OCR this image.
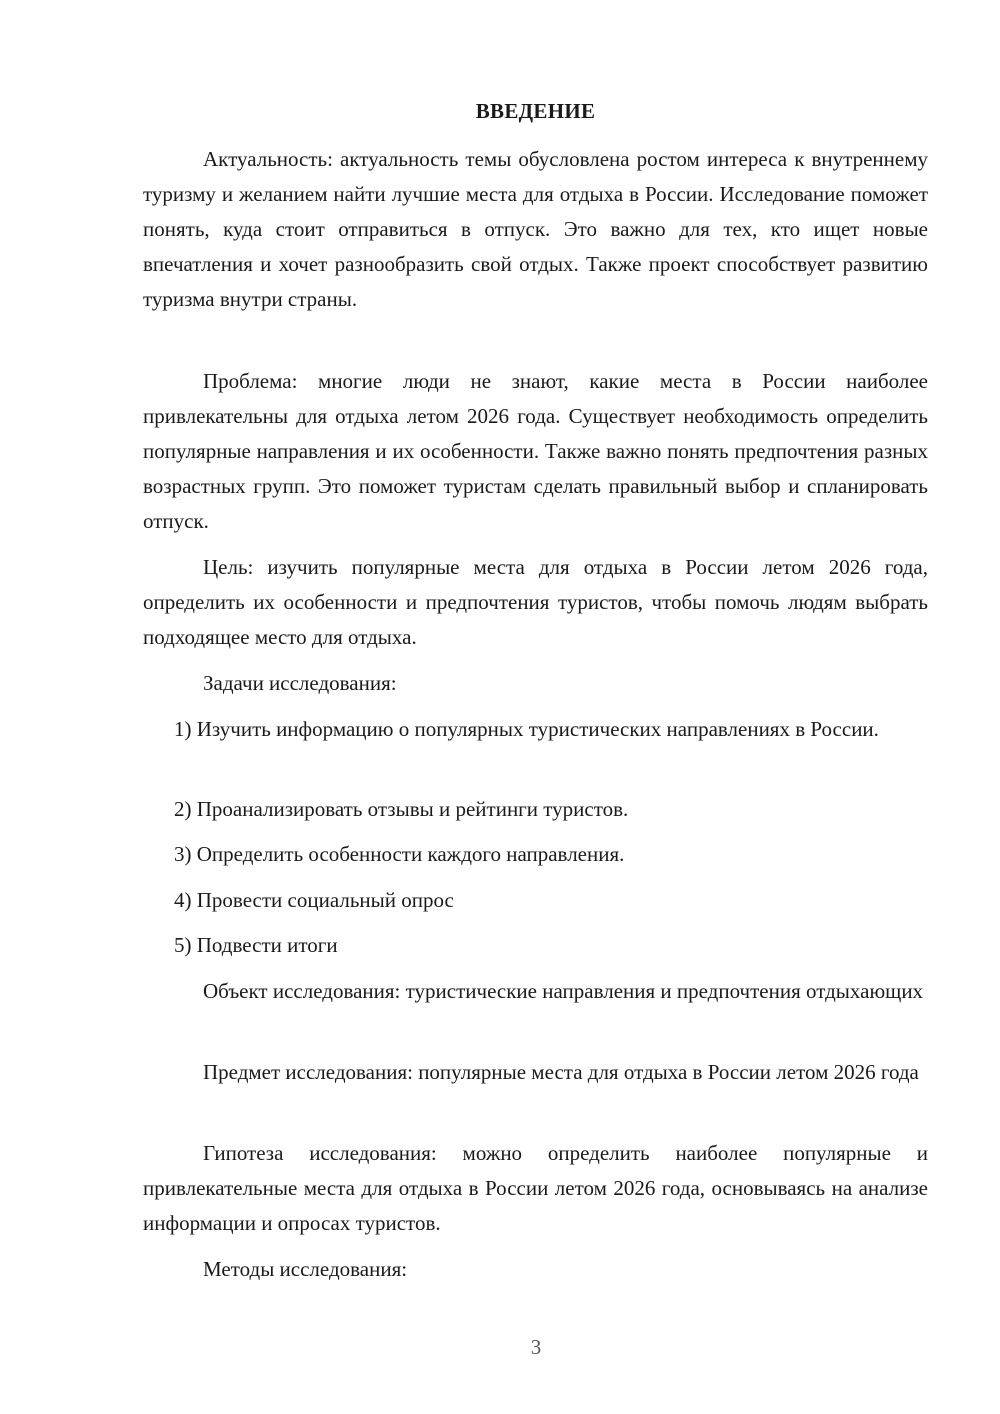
ВВЕДЕНИЕ

Актуальность: актуальность темы обусловлена ростом интереса к внутреннему туризму и желанием найти лучшие места для отдыха в России. Исследование поможет понять, куда стоит отправиться в отпуск. Это важно для тех, кто ищет новые впечатления и хочет разнообразить свой отдых. Также проект способствует развитию туризма внутри страны.

Проблема: многие люди не знают, какие места в России наиболее привлекательны для отдыха летом 2026 года. Существует необходимость определить популярные направления и их особенности. Также важно понять предпочтения разных возрастных групп. Это поможет туристам сделать правильный выбор и спланировать отпуск.

Цель: изучить популярные места для отдыха в России летом 2026 года, определить их особенности и предпочтения туристов, чтобы помочь людям выбрать подходящее место для отдыха.

Задачи исследования:

1) Изучить информацию о популярных туристических направлениях в России.

2) Проанализировать отзывы и рейтинги туристов.

3) Определить особенности каждого направления.

4) Провести социальный опрос

5) Подвести итоги

Объект исследования: туристические направления и предпочтения отдыхающих

Предмет исследования: популярные места для отдыха в России летом 2026 года

Гипотеза исследования: можно определить наиболее популярные и привлекательные места для отдыха в России летом 2026 года, основываясь на анализе информации и опросах туристов.

Методы исследования:

3
